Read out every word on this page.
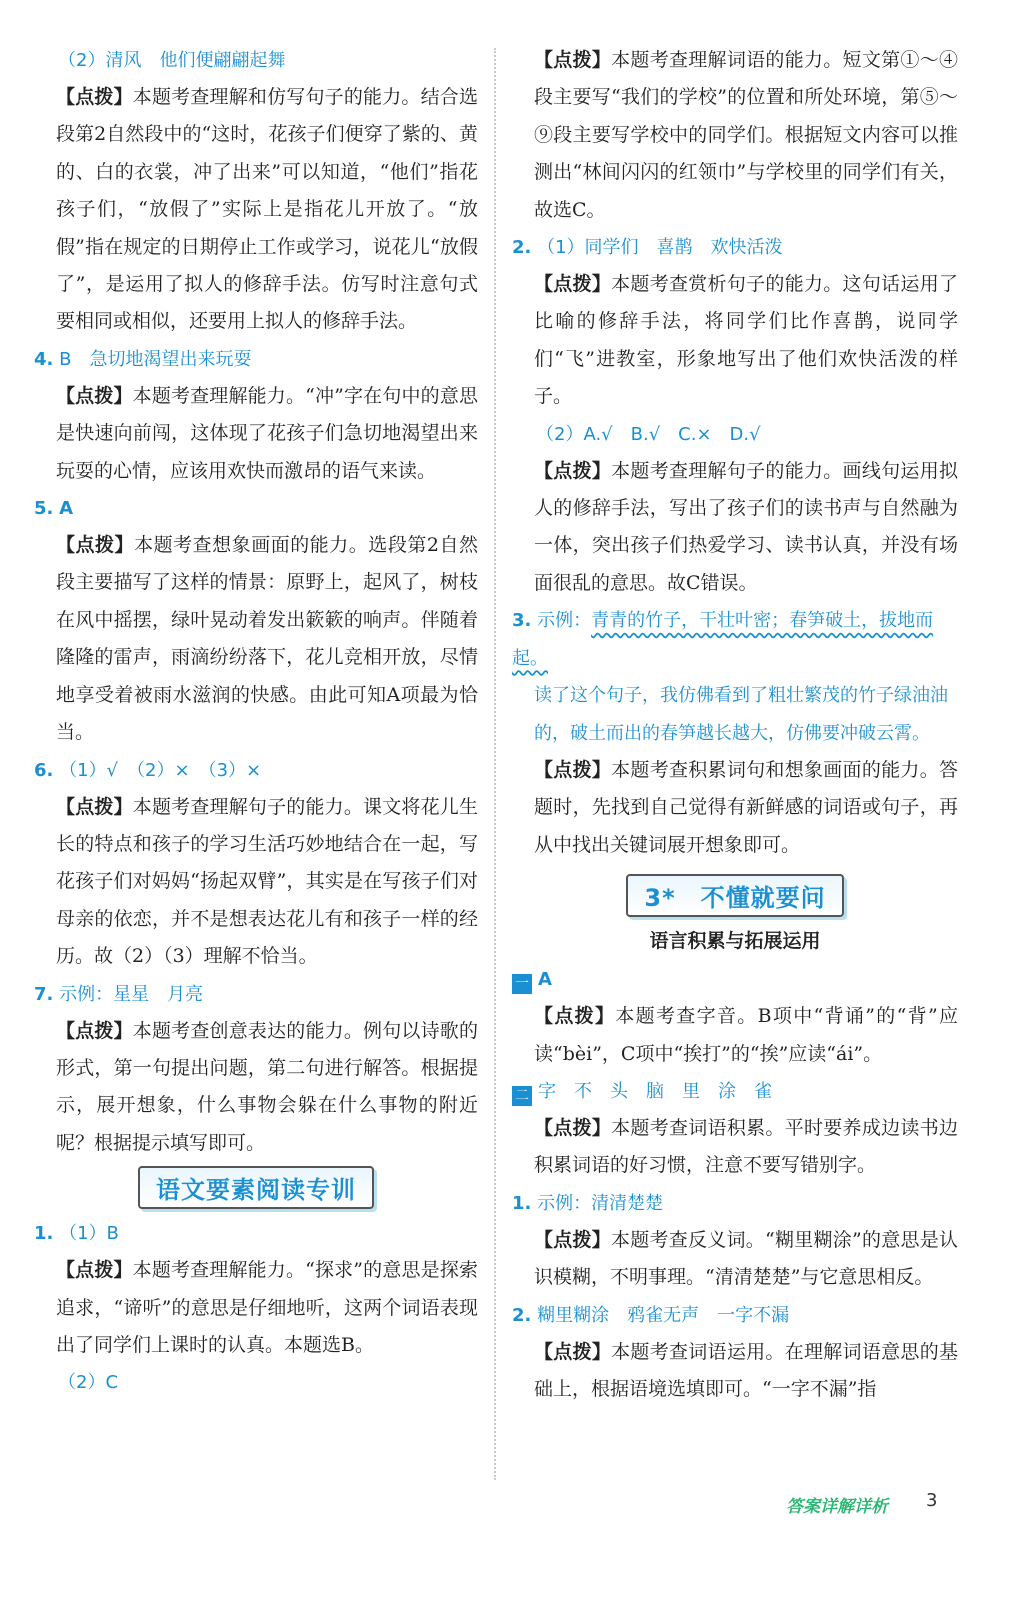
（2）清风　他们便翩翩起舞

【点拨】本题考查理解和仿写句子的能力。结合选段第2自然段中的“这时，花孩子们便穿了紫的、黄的、白的衣裳，冲了出来”可以知道，“他们”指花孩子们，“放假了”实际上是指花儿开放了。“放假”指在规定的日期停止工作或学习，说花儿“放假了”，是运用了拟人的修辞手法。仿写时注意句式要相同或相似，还要用上拟人的修辞手法。

4. B　急切地渴望出来玩耍

【点拨】本题考查理解能力。“冲”字在句中的意思是快速向前闯，这体现了花孩子们急切地渴望出来玩耍的心情，应该用欢快而激昂的语气来读。

5. A

【点拨】本题考查想象画面的能力。选段第2自然段主要描写了这样的情景：原野上，起风了，树枝在风中摇摆，绿叶晃动着发出簌簌的响声。伴随着隆隆的雷声，雨滴纷纷落下，花儿竞相开放，尽情地享受着被雨水滋润的快感。由此可知A项最为恰当。

6. （1）√　（2）×　（3）×

【点拨】本题考查理解句子的能力。课文将花儿生长的特点和孩子的学习生活巧妙地结合在一起，写花孩子们对妈妈“扬起双臂”，其实是在写孩子们对母亲的依恋，并不是想表达花儿有和孩子一样的经历。故（2）（3）理解不恰当。

7. 示例：星星　月亮

【点拨】本题考查创意表达的能力。例句以诗歌的形式，第一句提出问题，第二句进行解答。根据提示，展开想象，什么事物会躲在什么事物的附近呢？根据提示填写即可。

语文要素阅读专训
1. （1）B

【点拨】本题考查理解能力。“探求”的意思是探索追求，“谛听”的意思是仔细地听，这两个词语表现出了同学们上课时的认真。本题选B。

（2）C

【点拨】本题考查理解词语的能力。短文第①～④段主要写“我们的学校”的位置和所处环境，第⑤～⑨段主要写学校中的同学们。根据短文内容可以推测出“林间闪闪的红领巾”与学校里的同学们有关，故选C。

2. （1）同学们　喜鹊　欢快活泼

【点拨】本题考查赏析句子的能力。这句话运用了比喻的修辞手法，将同学们比作喜鹊，说同学们“飞”进教室，形象地写出了他们欢快活泼的样子。

（2）A.√　B.√　C.×　D.√

【点拨】本题考查理解句子的能力。画线句运用拟人的修辞手法，写出了孩子们的读书声与自然融为一体，突出孩子们热爱学习、读书认真，并没有场面很乱的意思。故C错误。

3. 示例：青青的竹子，干壮叶密；春笋破土，拔地而起。
读了这个句子，我仿佛看到了粗壮繁茂的竹子绿油油的，破土而出的春笋越长越大，仿佛要冲破云霄。

【点拨】本题考查积累词句和想象画面的能力。答题时，先找到自己觉得有新鲜感的词语或句子，再从中找出关键词展开想象即可。

3*　不懂就要问
语言积累与拓展运用
一 A

【点拨】本题考查字音。B项中“背诵”的“背”应读“bèi”，C项中“挨打”的“挨”应读“ái”。

二 字　不　头　脑　里　涂　雀

【点拨】本题考查词语积累。平时要养成边读书边积累词语的好习惯，注意不要写错别字。

1. 示例：清清楚楚

【点拨】本题考查反义词。“糊里糊涂”的意思是认识模糊，不明事理。“清清楚楚”与它意思相反。

2. 糊里糊涂　鸦雀无声　一字不漏

【点拨】本题考查词语运用。在理解词语意思的基础上，根据语境选填即可。“一字不漏”指

答案详解详析 3
